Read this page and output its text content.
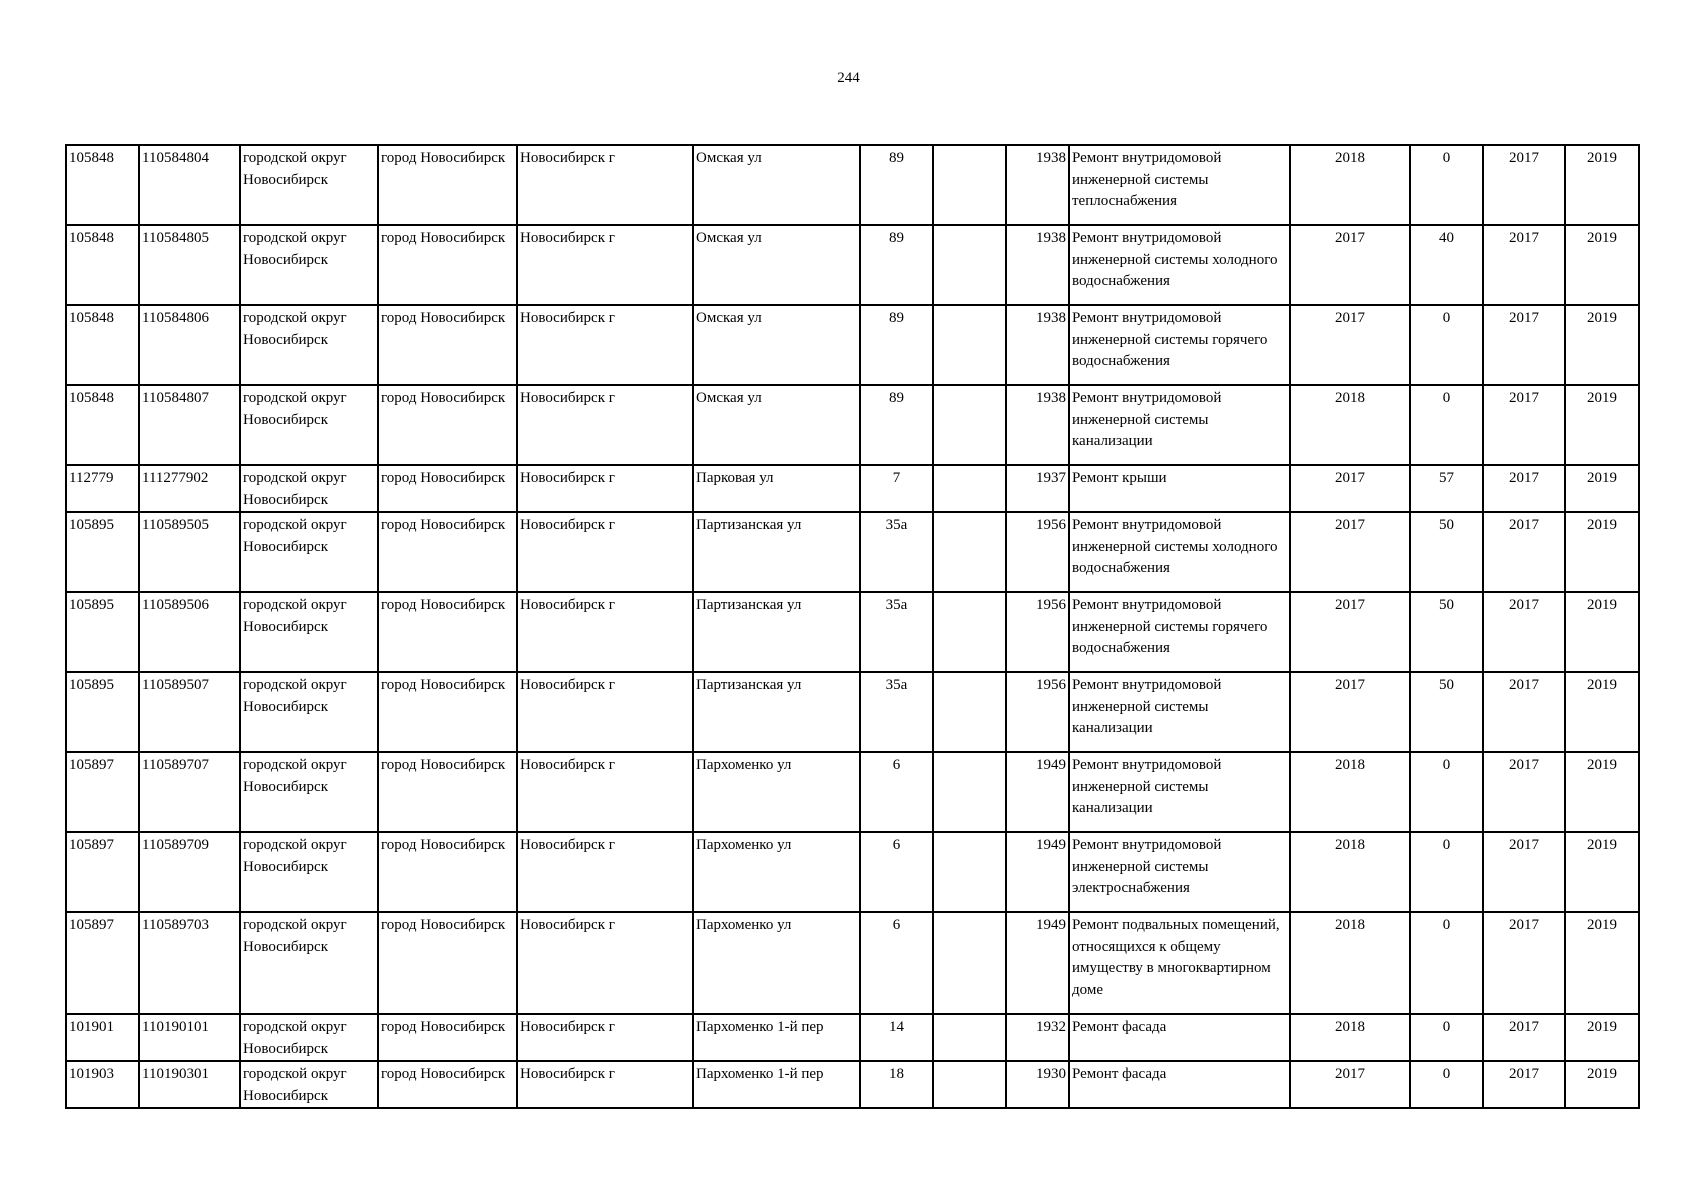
244
105848	110584804	городской округ Новосибирск	город Новосибирск	Новосибирск г	Омская ул	89		1938	Ремонт внутридомовой инженерной системы теплоснабжения	2018	0	2017	2019
105848	110584805	городской округ Новосибирск	город Новосибирск	Новосибирск г	Омская ул	89		1938	Ремонт внутридомовой инженерной системы холодного водоснабжения	2017	40	2017	2019
105848	110584806	городской округ Новосибирск	город Новосибирск	Новосибирск г	Омская ул	89		1938	Ремонт внутридомовой инженерной системы горячего водоснабжения	2017	0	2017	2019
105848	110584807	городской округ Новосибирск	город Новосибирск	Новосибирск г	Омская ул	89		1938	Ремонт внутридомовой инженерной системы канализации	2018	0	2017	2019
112779	111277902	городской округ Новосибирск	город Новосибирск	Новосибирск г	Парковая ул	7		1937	Ремонт крыши	2017	57	2017	2019
105895	110589505	городской округ Новосибирск	город Новосибирск	Новосибирск г	Партизанская ул	35а		1956	Ремонт внутридомовой инженерной системы холодного водоснабжения	2017	50	2017	2019
105895	110589506	городской округ Новосибирск	город Новосибирск	Новосибирск г	Партизанская ул	35а		1956	Ремонт внутридомовой инженерной системы горячего водоснабжения	2017	50	2017	2019
105895	110589507	городской округ Новосибирск	город Новосибирск	Новосибирск г	Партизанская ул	35а		1956	Ремонт внутридомовой инженерной системы канализации	2017	50	2017	2019
105897	110589707	городской округ Новосибирск	город Новосибирск	Новосибирск г	Пархоменко ул	6		1949	Ремонт внутридомовой инженерной системы канализации	2018	0	2017	2019
105897	110589709	городской округ Новосибирск	город Новосибирск	Новосибирск г	Пархоменко ул	6		1949	Ремонт внутридомовой инженерной системы электроснабжения	2018	0	2017	2019
105897	110589703	городской округ Новосибирск	город Новосибирск	Новосибирск г	Пархоменко ул	6		1949	Ремонт подвальных помещений, относящихся к общему имуществу в многоквартирном доме	2018	0	2017	2019
101901	110190101	городской округ Новосибирск	город Новосибирск	Новосибирск г	Пархоменко 1-й пер	14		1932	Ремонт фасада	2018	0	2017	2019
101903	110190301	городской округ Новосибирск	город Новосибирск	Новосибирск г	Пархоменко 1-й пер	18		1930	Ремонт фасада	2017	0	2017	2019
